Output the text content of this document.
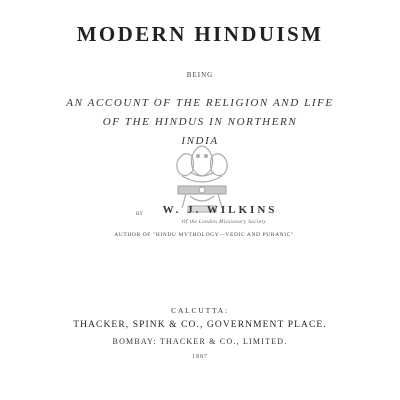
MODERN HINDUISM
BEING
AN ACCOUNT OF THE RELIGION AND LIFE
OF THE HINDUS IN NORTHERN
INDIA
BY	W. J. WILKINS
Of the London Missionary Society
AUTHOR OF "HINDU MYTHOLOGY—VEDIC AND PURANIC"
CALCUTTA:
THACKER, SPINK & CO., GOVERNMENT PLACE.
BOMBAY: THACKER & CO., LIMITED.
1887
